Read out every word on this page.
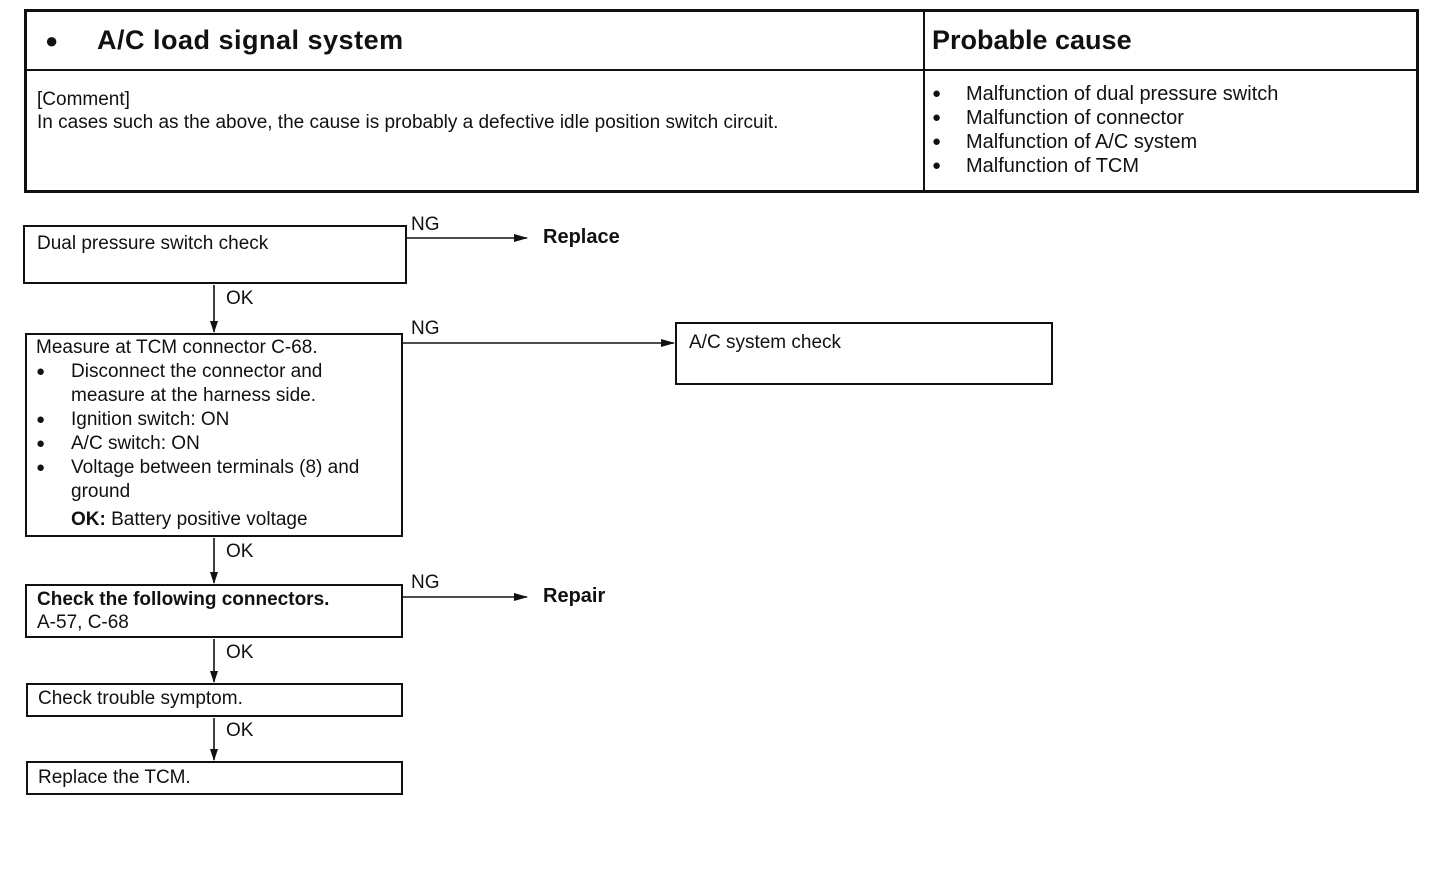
●	A/C load signal system	Probable cause
[Comment]
In cases such as the above, the cause is probably a defective idle position switch circuit.
●	Malfunction of dual pressure switch
●	Malfunction of connector
●	Malfunction of A/C system
●	Malfunction of TCM
NG
NG
NG
OK
OK
OK
OK
Replace
Repair
Dual pressure switch check
Measure at TCM connector C-68.
●	Disconnect the connector and measure at the harness side.
●	Ignition switch: ON
●	A/C switch: ON
●	Voltage between terminals (8) and ground
OK: Battery positive voltage
Check the following connectors.
A-57, C-68
Check trouble symptom.
Replace the TCM.
A/C system check
